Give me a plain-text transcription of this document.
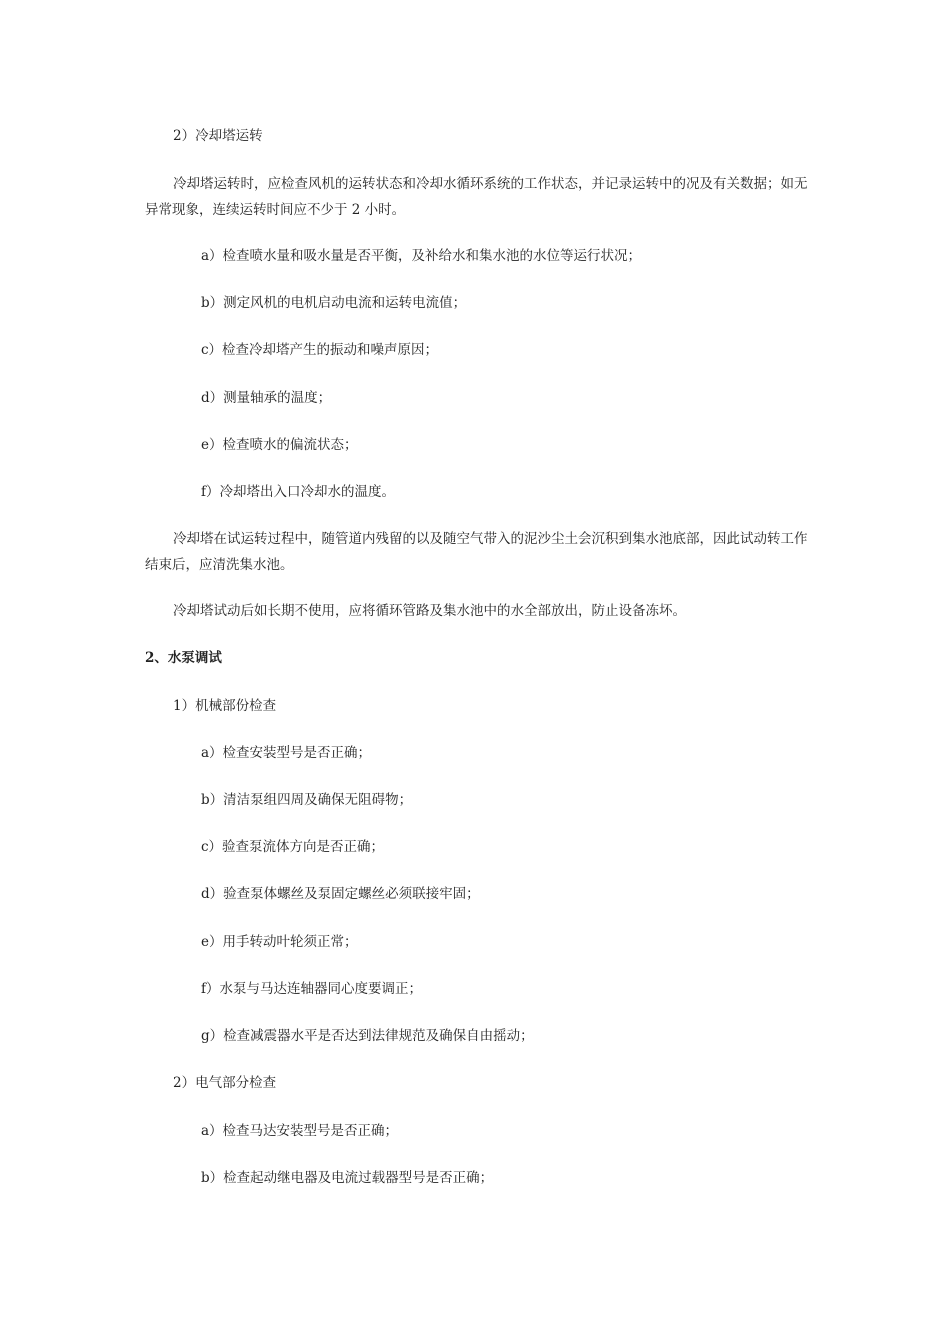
2）冷却塔运转
冷却塔运转时，应检查风机的运转状态和冷却水循环系统的工作状态，并记录运转中的况及有关数据；如无异常现象，连续运转时间应不少于 2 小时。
a）检查喷水量和吸水量是否平衡，及补给水和集水池的水位等运行状况；
b）测定风机的电机启动电流和运转电流值；
c）检查冷却塔产生的振动和噪声原因；
d）测量轴承的温度；
e）检查喷水的偏流状态；
f）冷却塔出入口冷却水的温度。
冷却塔在试运转过程中，随管道内残留的以及随空气带入的泥沙尘土会沉积到集水池底部，因此试动转工作结束后，应清洗集水池。
冷却塔试动后如长期不使用，应将循环管路及集水池中的水全部放出，防止设备冻坏。
2、水泵调试
1）机械部份检查
a）检查安装型号是否正确；
b）清洁泵组四周及确保无阻碍物；
c）验查泵流体方向是否正确；
d）验查泵体螺丝及泵固定螺丝必须联接牢固；
e）用手转动叶轮须正常；
f）水泵与马达连轴器同心度要调正；
g）检查减震器水平是否达到法律规范及确保自由摇动；
2）电气部分检查
a）检查马达安装型号是否正确；
b）检查起动继电器及电流过载器型号是否正确；
